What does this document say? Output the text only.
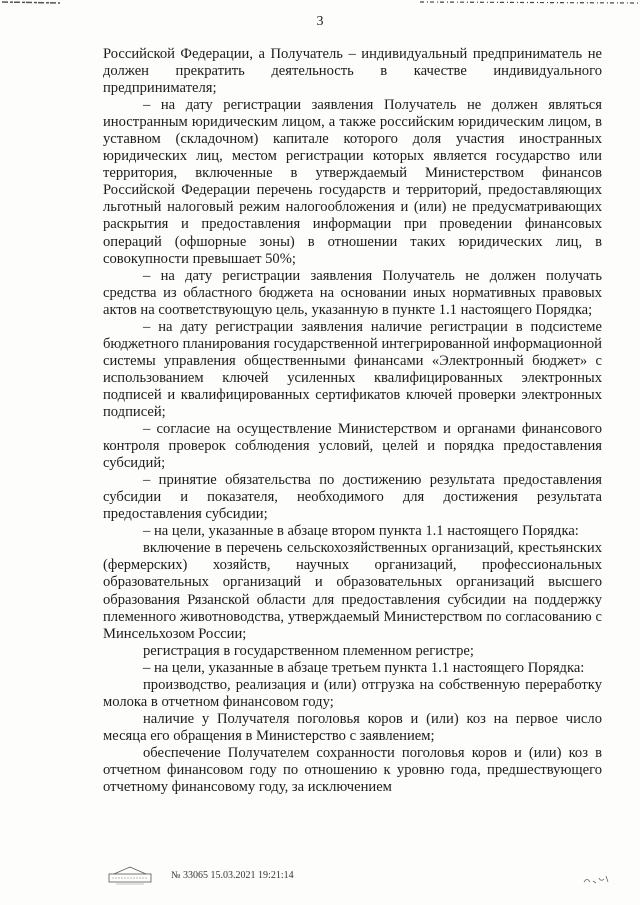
3

Российской Федерации, а Получатель – индивидуальный предприниматель не должен прекратить деятельность в качестве индивидуального предпринимателя;

– на дату регистрации заявления Получатель не должен являться иностранным юридическим лицом, а также российским юридическим лицом, в уставном (складочном) капитале которого доля участия иностранных юридических лиц, местом регистрации которых является государство или территория, включенные в утверждаемый Министерством финансов Российской Федерации перечень государств и территорий, предоставляющих льготный налоговый режим налогообложения и (или) не предусматривающих раскрытия и предоставления информации при проведении финансовых операций (офшорные зоны) в отношении таких юридических лиц, в совокупности превышает 50%;

– на дату регистрации заявления Получатель не должен получать средства из областного бюджета на основании иных нормативных правовых актов на соответствующую цель, указанную в пункте 1.1 настоящего Порядка;

– на дату регистрации заявления наличие регистрации в подсистеме бюджетного планирования государственной интегрированной информационной системы управления общественными финансами «Электронный бюджет» с использованием ключей усиленных квалифицированных электронных подписей и квалифицированных сертификатов ключей проверки электронных подписей;

– согласие на осуществление Министерством и органами финансового контроля проверок соблюдения условий, целей и порядка предоставления субсидий;

– принятие обязательства по достижению результата предоставления субсидии и показателя, необходимого для достижения результата предоставления субсидии;

– на цели, указанные в абзаце втором пункта 1.1 настоящего Порядка:

включение в перечень сельскохозяйственных организаций, крестьянских (фермерских) хозяйств, научных организаций, профессиональных образовательных организаций и образовательных организаций высшего образования Рязанской области для предоставления субсидии на поддержку племенного животноводства, утверждаемый Министерством по согласованию с Минсельхозом России;

регистрация в государственном племенном регистре;

– на цели, указанные в абзаце третьем пункта 1.1 настоящего Порядка:

производство, реализация и (или) отгрузка на собственную переработку молока в отчетном финансовом году;

наличие у Получателя поголовья коров и (или) коз на первое число месяца его обращения в Министерство с заявлением;

обеспечение Получателем сохранности поголовья коров и (или) коз в отчетном финансовом году по отношению к уровню года, предшествующего отчетному финансовому году, за исключением

№ 33065 15.03.2021 19:21:14
